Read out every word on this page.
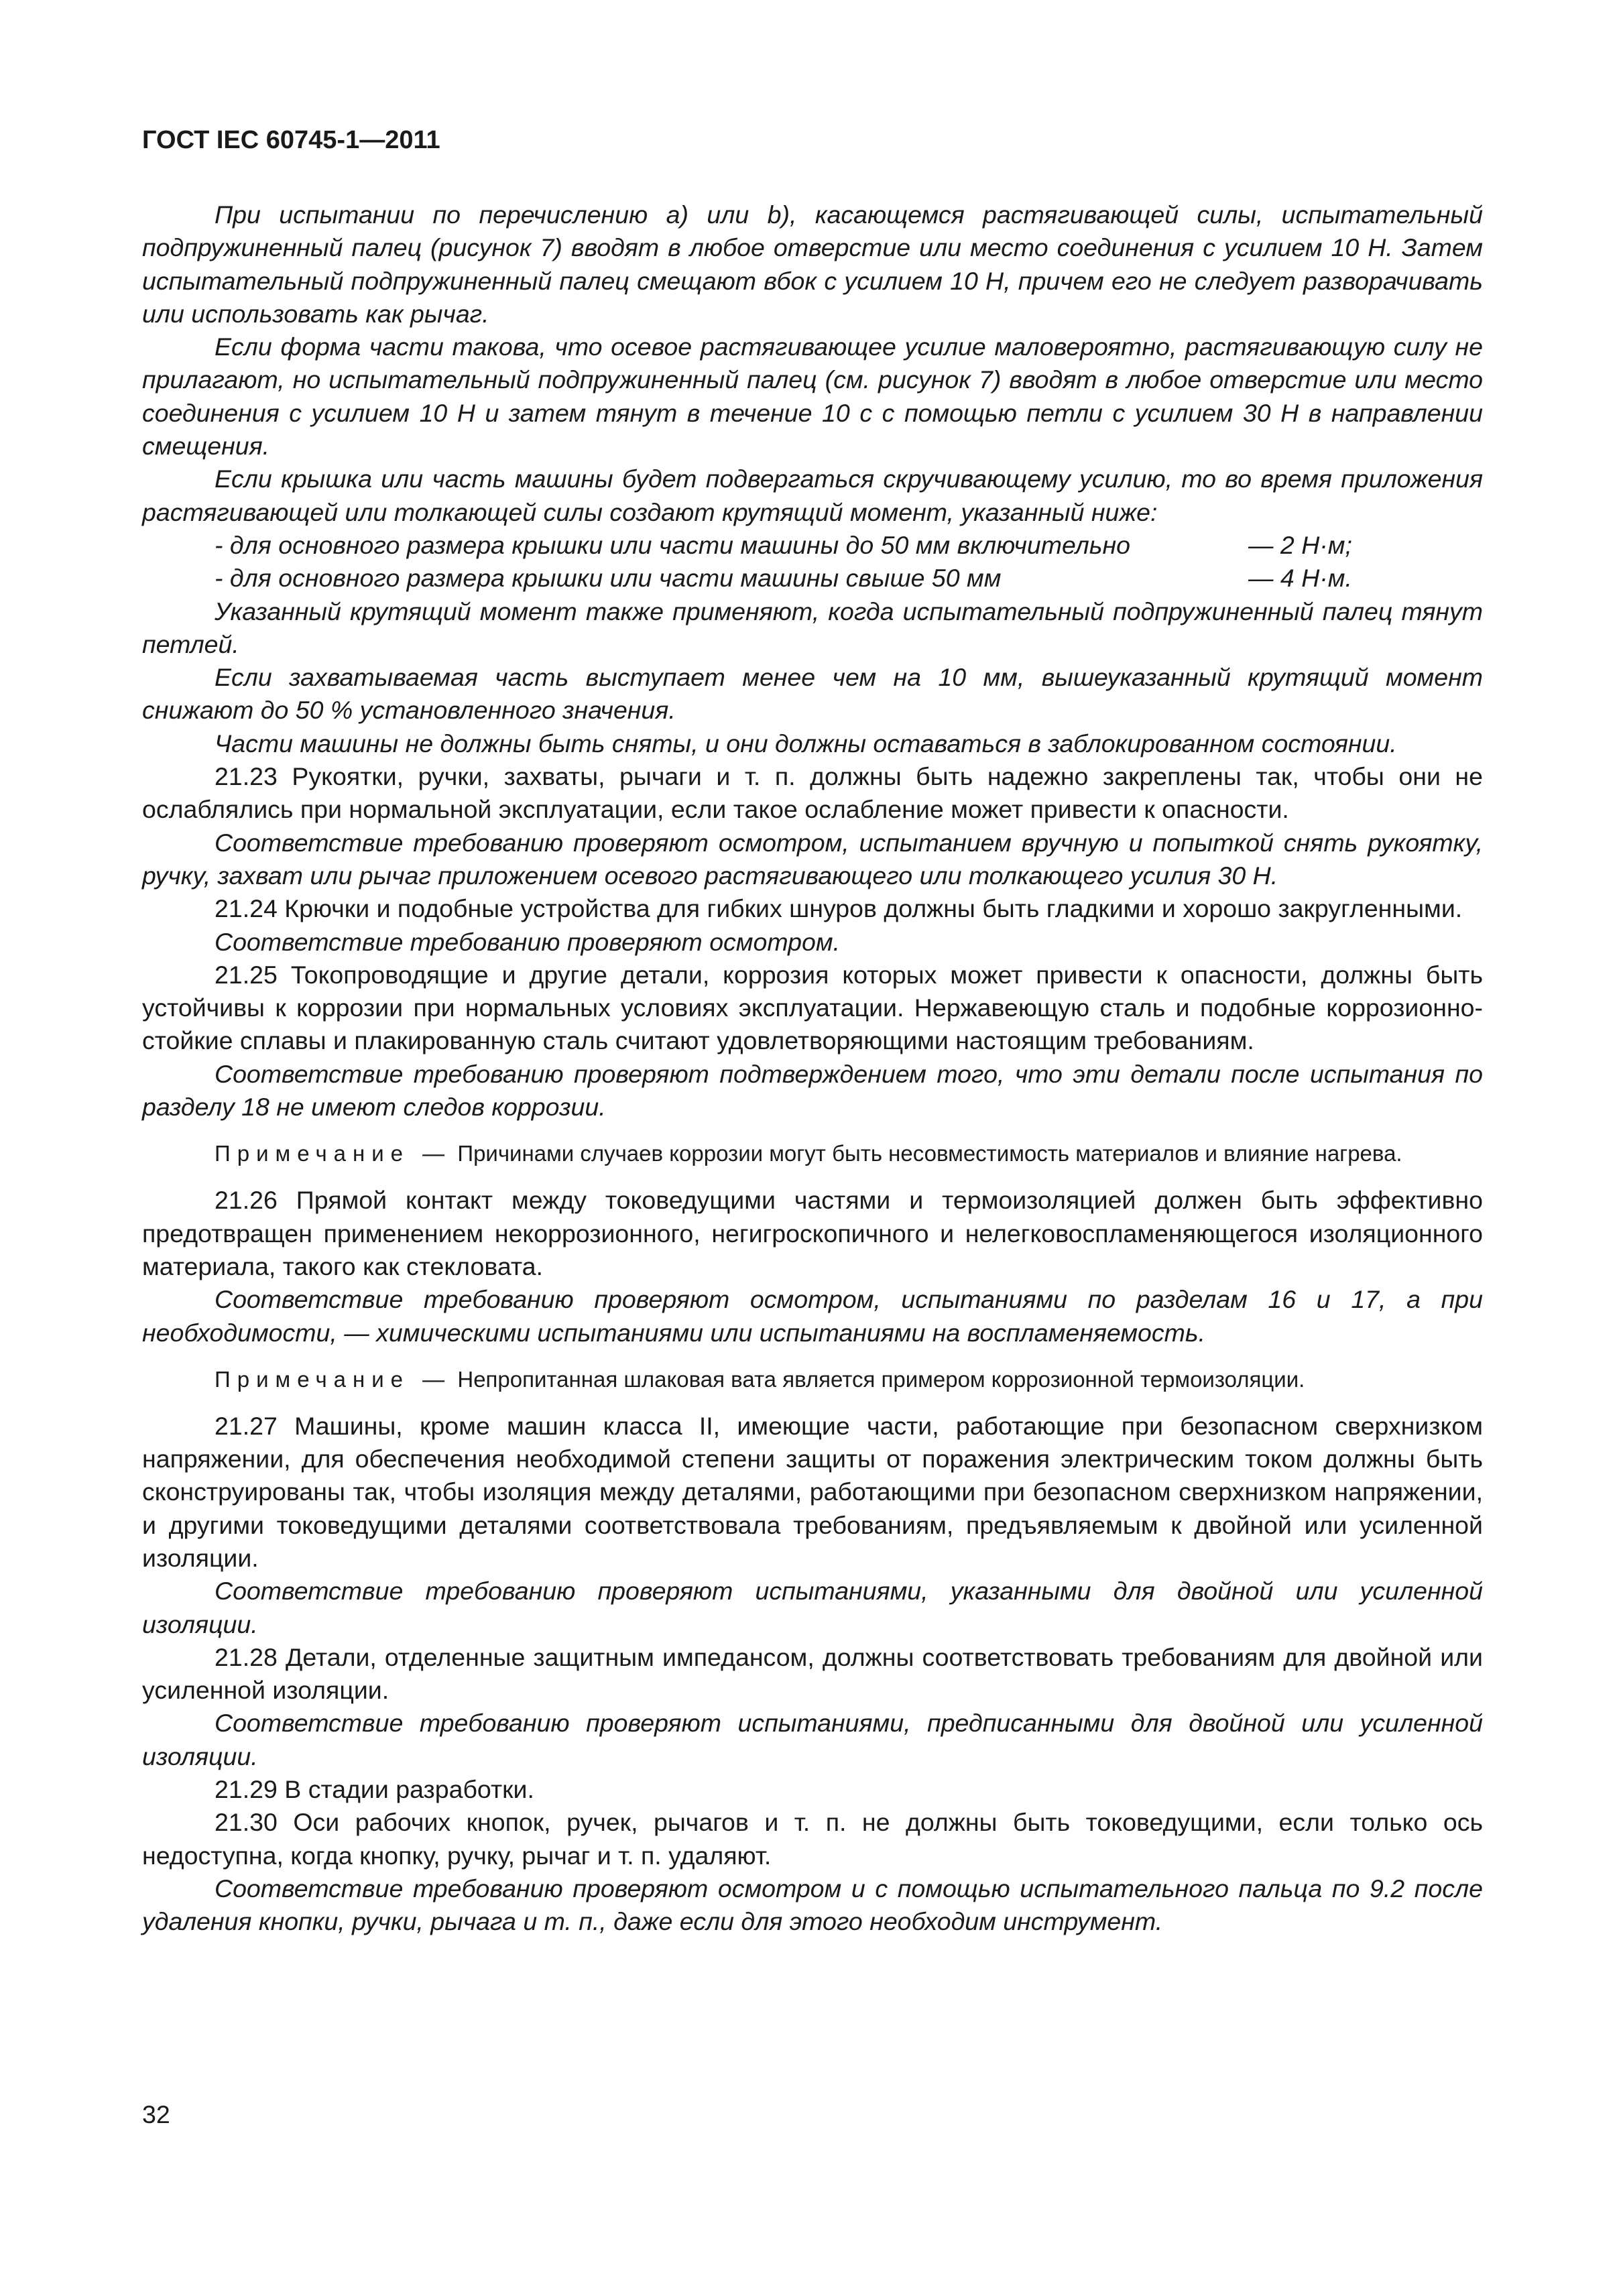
ГОСТ IEC 60745-1—2011

При испытании по перечислению а) или b), касающемся растягивающей силы, испытательный подпружиненный палец (рисунок 7) вводят в любое отверстие или место соединения с усилием 10 Н. Затем испытательный подпружиненный палец смещают вбок с усилием 10 Н, причем его не следует разворачивать или использовать как рычаг.

Если форма части такова, что осевое растягивающее усилие маловероятно, растягивающую силу не прилагают, но испытательный подпружиненный палец (см. рисунок 7) вводят в любое отверстие или место соединения с усилием 10 Н и затем тянут в течение 10 с с помощью петли с усилием 30 Н в направлении смещения.

Если крышка или часть машины будет подвергаться скручивающему усилию, то во время приложения растягивающей или толкающей силы создают крутящий момент, указанный ниже:

- для основного размера крышки или части машины до 50 мм включительно	— 2 Н·м;
- для основного размера крышки или части машины свыше 50 мм	— 4 Н·м.

Указанный крутящий момент также применяют, когда испытательный подпружиненный палец тянут петлей.

Если захватываемая часть выступает менее чем на 10 мм, вышеуказанный крутящий момент снижают до 50 % установленного значения.

Части машины не должны быть сняты, и они должны оставаться в заблокированном состоянии.

21.23 Рукоятки, ручки, захваты, рычаги и т. п. должны быть надежно закреплены так, чтобы они не ослаблялись при нормальной эксплуатации, если такое ослабление может привести к опасности.

Соответствие требованию проверяют осмотром, испытанием вручную и попыткой снять рукоятку, ручку, захват или рычаг приложением осевого растягивающего или толкающего усилия 30 Н.

21.24 Крючки и подобные устройства для гибких шнуров должны быть гладкими и хорошо закругленными.

Соответствие требованию проверяют осмотром.

21.25 Токопроводящие и другие детали, коррозия которых может привести к опасности, должны быть устойчивы к коррозии при нормальных условиях эксплуатации. Нержавеющую сталь и подобные коррозионно-стойкие сплавы и плакированную сталь считают удовлетворяющими настоящим требованиям.

Соответствие требованию проверяют подтверждением того, что эти детали после испытания по разделу 18 не имеют следов коррозии.

Примечание — Причинами случаев коррозии могут быть несовместимость материалов и влияние нагрева.

21.26 Прямой контакт между токоведущими частями и термоизоляцией должен быть эффективно предотвращен применением некоррозионного, негигроскопичного и нелегковоспламеняющегося изоляционного материала, такого как стекловата.

Соответствие требованию проверяют осмотром, испытаниями по разделам 16 и 17, а при необходимости, — химическими испытаниями или испытаниями на воспламеняемость.

Примечание — Непропитанная шлаковая вата является примером коррозионной термоизоляции.

21.27 Машины, кроме машин класса II, имеющие части, работающие при безопасном сверхнизком напряжении, для обеспечения необходимой степени защиты от поражения электрическим током должны быть сконструированы так, чтобы изоляция между деталями, работающими при безопасном сверхнизком напряжении, и другими токоведущими деталями соответствовала требованиям, предъявляемым к двойной или усиленной изоляции.

Соответствие требованию проверяют испытаниями, указанными для двойной или усиленной изоляции.

21.28 Детали, отделенные защитным импедансом, должны соответствовать требованиям для двойной или усиленной изоляции.

Соответствие требованию проверяют испытаниями, предписанными для двойной или усиленной изоляции.

21.29 В стадии разработки.

21.30 Оси рабочих кнопок, ручек, рычагов и т. п. не должны быть токоведущими, если только ось недоступна, когда кнопку, ручку, рычаг и т. п. удаляют.

Соответствие требованию проверяют осмотром и с помощью испытательного пальца по 9.2 после удаления кнопки, ручки, рычага и т. п., даже если для этого необходим инструмент.

32
